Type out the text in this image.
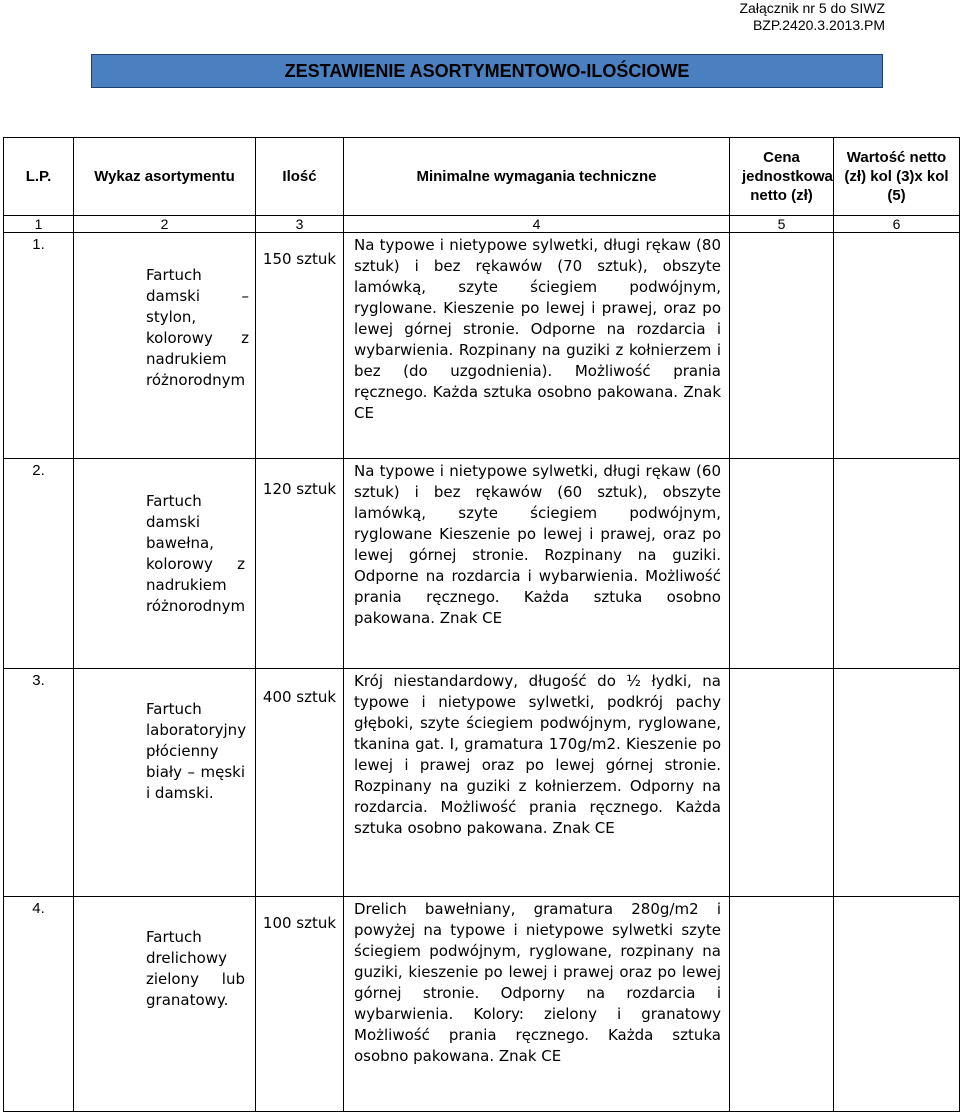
Załącznik nr 5 do SIWZ
BZP.2420.3.2013.PM
ZESTAWIENIE ASORTYMENTOWO-ILOŚCIOWE
L.P.	Wykaz asortymentu	Ilość	Minimalne wymagania techniczne	Cena jednostkowa netto (zł)	Wartość netto (zł) kol (3)x kol (5)
1	2	3	4	5	6
1.	Fartuch damski – stylon, kolorowy z nadrukiem różnorodnym	150 sztuk	Na typowe i nietypowe sylwetki, długi rękaw (80 sztuk) i bez rękawów (70 sztuk), obszyte lamówką, szyte ściegiem podwójnym, ryglowane. Kieszenie po lewej i prawej, oraz po lewej górnej stronie. Odporne na rozdarcia i wybarwienia. Rozpinany na guziki z kołnierzem i bez (do uzgodnienia). Możliwość prania ręcznego. Każda sztuka osobno pakowana. Znak CE		
2.	Fartuch damski bawełna, kolorowy z nadrukiem różnorodnym	120 sztuk	Na typowe i nietypowe sylwetki, długi rękaw (60 sztuk) i bez rękawów (60 sztuk), obszyte lamówką, szyte ściegiem podwójnym, ryglowane Kieszenie po lewej i prawej, oraz po lewej górnej stronie. Rozpinany na guziki. Odporne na rozdarcia i wybarwienia. Możliwość prania ręcznego. Każda sztuka osobno pakowana. Znak CE		
3.	Fartuch laboratoryjny płócienny biały – męski i damski.	400 sztuk	Krój niestandardowy, długość do ½ łydki, na typowe i nietypowe sylwetki, podkrój pachy głęboki, szyte ściegiem podwójnym, ryglowane, tkanina gat. I, gramatura 170g/m2. Kieszenie po lewej i prawej oraz po lewej górnej stronie. Rozpinany na guziki z kołnierzem. Odporny na rozdarcia. Możliwość prania ręcznego. Każda sztuka osobno pakowana. Znak CE		
4.	Fartuch drelichowy zielony lub granatowy.	100 sztuk	Drelich bawełniany, gramatura 280g/m2 i powyżej na typowe i nietypowe sylwetki szyte ściegiem podwójnym, ryglowane, rozpinany na guziki, kieszenie po lewej i prawej oraz po lewej górnej stronie. Odporny na rozdarcia i wybarwienia. Kolory: zielony i granatowy Możliwość prania ręcznego. Każda sztuka osobno pakowana. Znak CE		
